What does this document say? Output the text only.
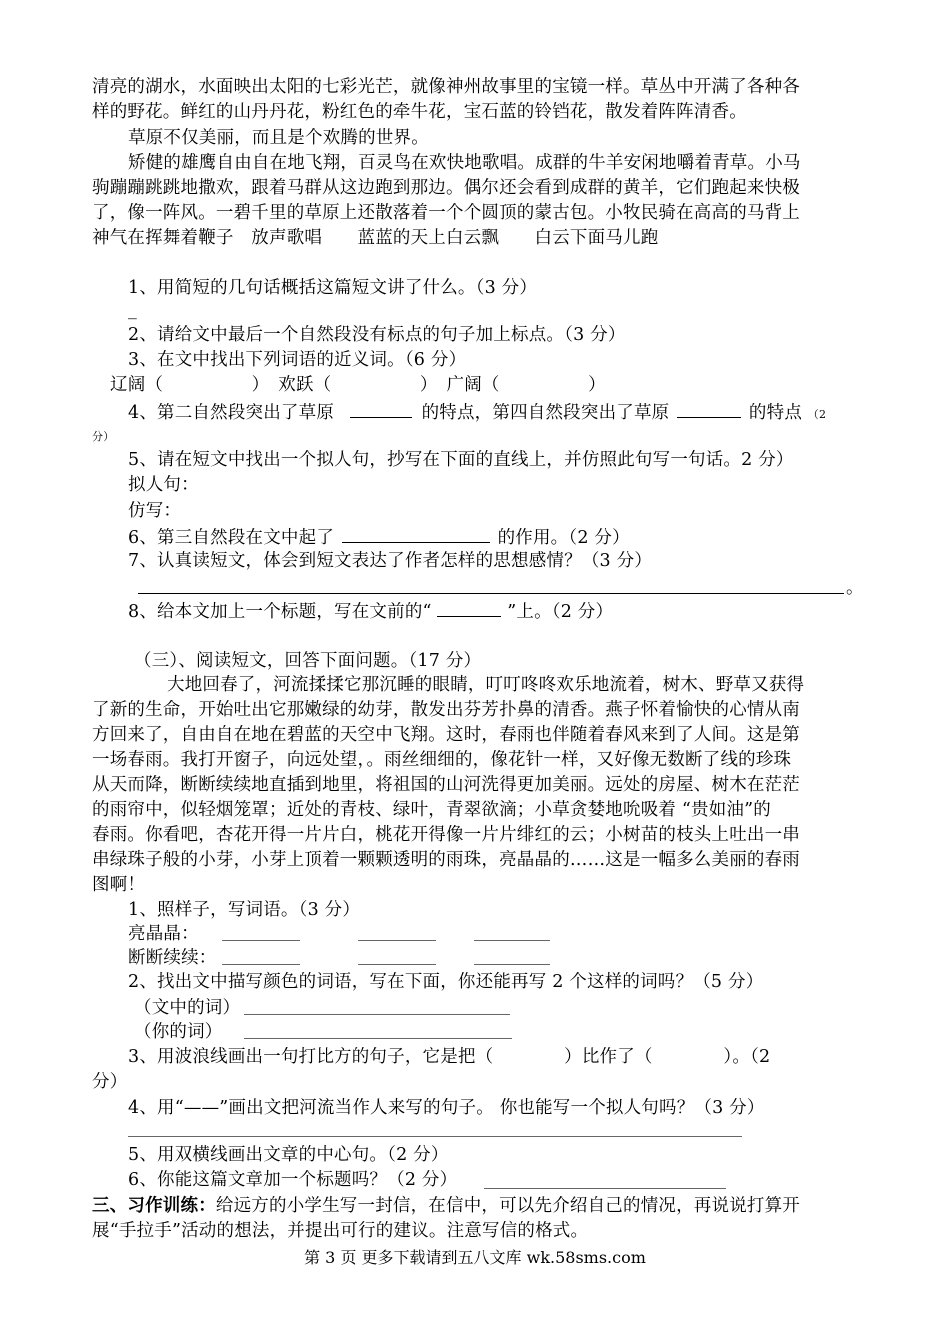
清亮的湖水，水面映出太阳的七彩光芒，就像神州故事里的宝镜一样。草丛中开满了各种各
样的野花。鲜红的山丹丹花，粉红色的牵牛花，宝石蓝的铃铛花，散发着阵阵清香。
草原不仅美丽，而且是个欢腾的世界。
矫健的雄鹰自由自在地飞翔，百灵鸟在欢快地歌唱。成群的牛羊安闲地嚼着青草。小马
驹蹦蹦跳跳地撒欢，跟着马群从这边跑到那边。偶尔还会看到成群的黄羊，它们跑起来快极
了，像一阵风。一碧千里的草原上还散落着一个个圆顶的蒙古包。小牧民骑在高高的马背上
神气在挥舞着鞭子　放声歌唱　　蓝蓝的天上白云飘　　白云下面马儿跑
1、用简短的几句话概括这篇短文讲了什么。（3 分）
_
2、请给文中最后一个自然段没有标点的句子加上标点。（3 分）
3、在文中找出下列词语的近义词。（6 分）
辽阔（　　　　　）　欢跃（　　　　　）　广阔（　　　　　）
4、第二自然段突出了草原	的特点，第四自然段突出了草原	的特点 （2
分）
5、请在短文中找出一个拟人句，抄写在下面的直线上，并仿照此句写一句话。2 分）
拟人句：
仿写：
6、第三自然段在文中起了	的作用。（2 分）
7、认真读短文，体会到短文表达了作者怎样的思想感情？（3 分）
。
8、给本文加上一个标题，写在文前的“	”上。（2 分）
（三）、阅读短文，回答下面问题。（17 分）
大地回春了，河流揉揉它那沉睡的眼睛，叮叮咚咚欢乐地流着，树木、野草又获得
了新的生命，开始吐出它那嫩绿的幼芽，散发出芬芳扑鼻的清香。燕子怀着愉快的心情从南
方回来了，自由自在地在碧蓝的天空中飞翔。这时，春雨也伴随着春风来到了人间。这是第
一场春雨。我打开窗子，向远处望，。雨丝细细的，像花针一样，又好像无数断了线的珍珠
从天而降，断断续续地直插到地里，将祖国的山河洗得更加美丽。远处的房屋、树木在茫茫
的雨帘中，似轻烟笼罩；近处的青枝、绿叶，青翠欲滴；小草贪婪地吮吸着 “贵如油”的
春雨。你看吧，杏花开得一片片白，桃花开得像一片片绯红的云；小树苗的枝头上吐出一串
串绿珠子般的小芽，小芽上顶着一颗颗透明的雨珠，亮晶晶的……这是一幅多么美丽的春雨
图啊！
1、照样子，写词语。（3 分）
亮晶晶：
断断续续：
2、找出文中描写颜色的词语，写在下面，你还能再写 2 个这样的词吗？（5 分）
（文中的词）
（你的词）
3、用波浪线画出一句打比方的句子，它是把（　　　　）比作了（　　　　）。（2
分）
4、用“——”画出文把河流当作人来写的句子。 你也能写一个拟人句吗？（3 分）
5、用双横线画出文章的中心句。（2 分）
6、你能这篇文章加一个标题吗？（2 分）
三、习作训练：给远方的小学生写一封信，在信中，可以先介绍自己的情况，再说说打算开
展“手拉手”活动的想法，并提出可行的建议。注意写信的格式。
第 3 页 更多下载请到五八文库 wk.58sms.com
